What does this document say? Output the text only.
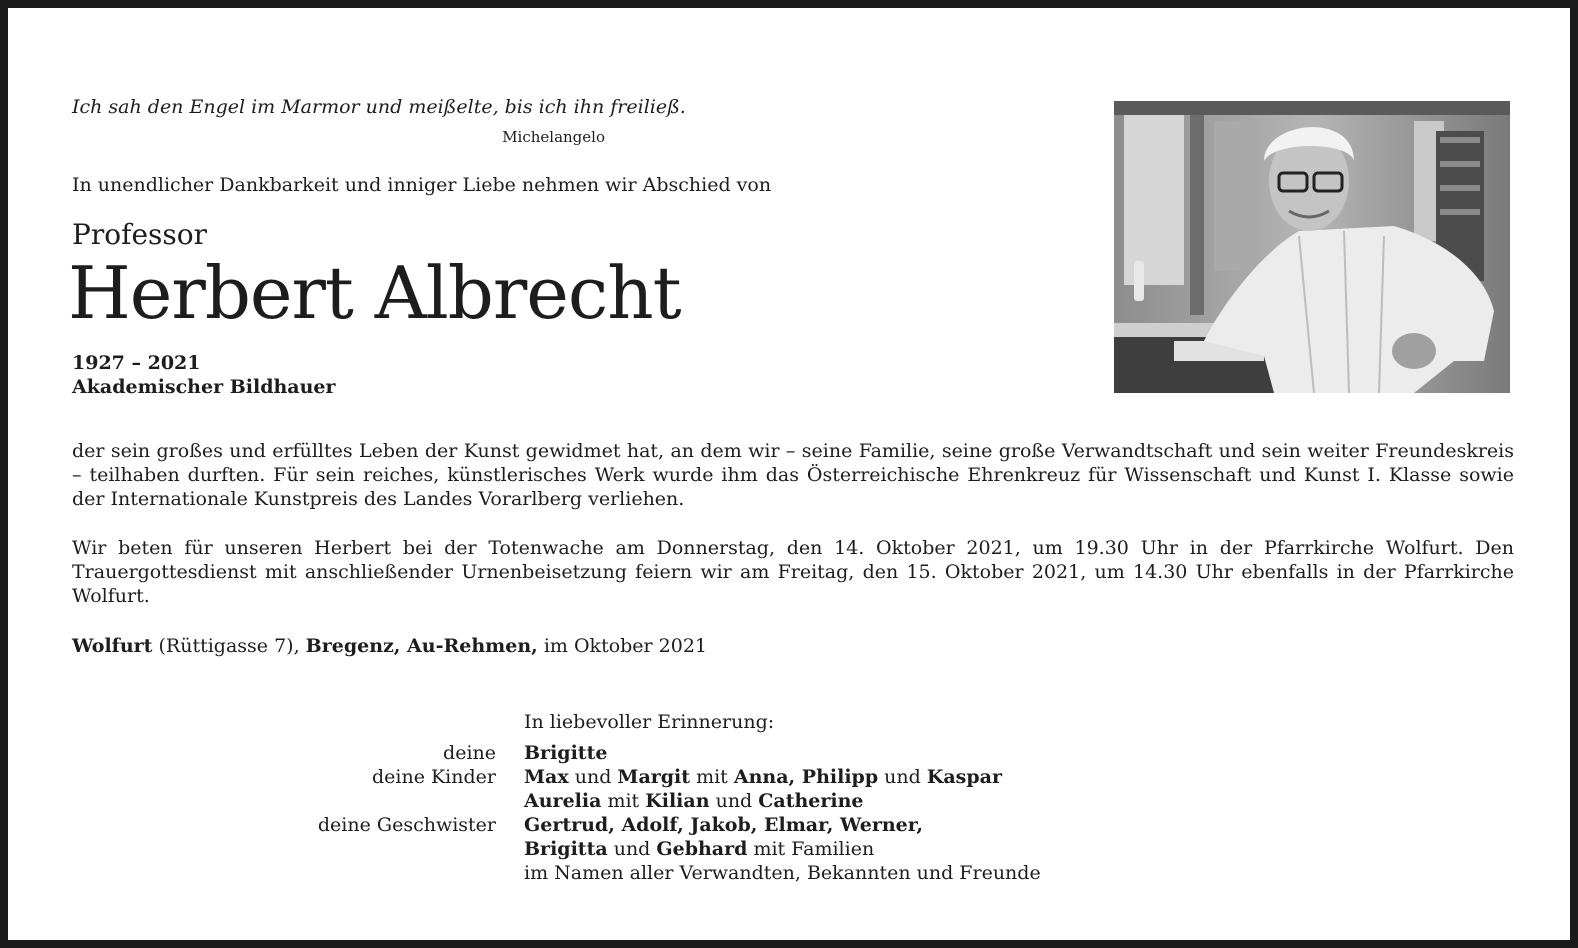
Ich sah den Engel im Marmor und meißelte, bis ich ihn freiließ.
Michelangelo
In unendlicher Dankbarkeit und inniger Liebe nehmen wir Abschied von
Professor
Herbert Albrecht
1927 – 2021
Akademischer Bildhauer
der sein großes und erfülltes Leben der Kunst gewidmet hat, an dem wir – seine Familie, seine große Verwandtschaft und sein weiter Freundeskreis – teilhaben durften. Für sein reiches, künstlerisches Werk wurde ihm das Österreichische Ehrenkreuz für Wissenschaft und Kunst I. Klasse sowie der Internationale Kunstpreis des Landes Vorarlberg verliehen.
Wir beten für unseren Herbert bei der Totenwache am Donnerstag, den 14. Oktober 2021, um 19.30 Uhr in der Pfarrkirche Wolfurt. Den Trauergottesdienst mit anschließender Urnenbeisetzung feiern wir am Freitag, den 15. Oktober 2021, um 14.30 Uhr ebenfalls in der Pfarrkirche Wolfurt.
Wolfurt (Rüttigasse 7), Bregenz, Au-Rehmen, im Oktober 2021
In liebevoller Erinnerung:
deine Brigitte
deine Kinder Max und Margit mit Anna, Philipp und Kaspar
Aurelia mit Kilian und Catherine
deine Geschwister Gertrud, Adolf, Jakob, Elmar, Werner,
Brigitta und Gebhard mit Familien
im Namen aller Verwandten, Bekannten und Freunde
